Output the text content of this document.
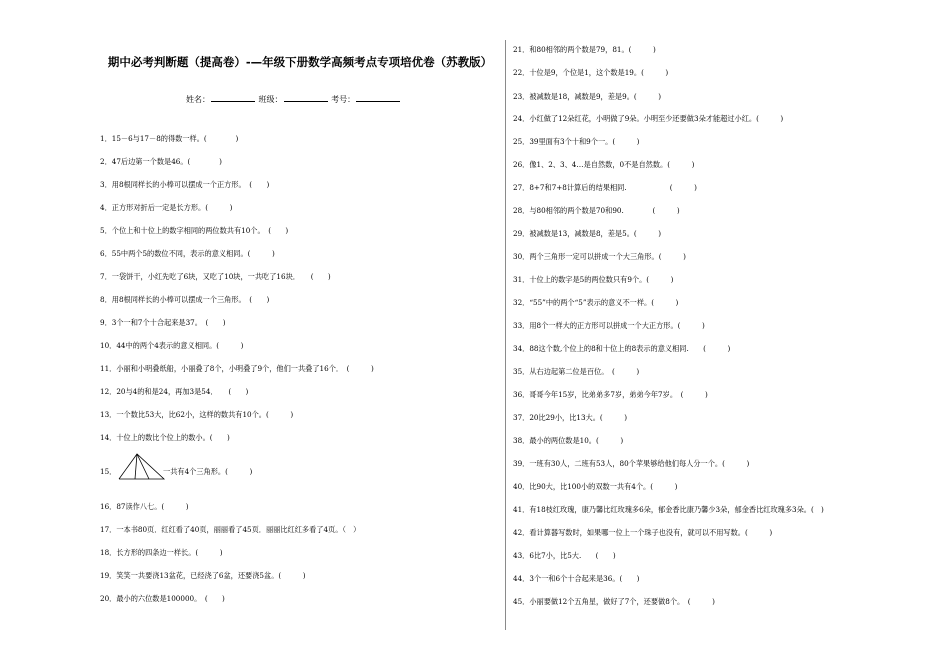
期中必考判断题（提高卷）-—年级下册数学高频考点专项培优卷（苏教版）
姓名：	班级：	考号：
1．15－6与17－8的得数一样。(　　　　)
2．47后边第一个数是46。(　　　　)
3．用8根同样长的小棒可以摆成一个正方形。　(　　)
4．正方形对折后一定是长方形。(　　　)
5．个位上和十位上的数字相同的两位数共有10个。　(　　)
6．55中两个5的数位不同，表示的意义相同。(　　　)
7．一袋饼干，小红先吃了6块，又吃了10块，一共吃了16块．　　(　　)
8．用8根同样长的小棒可以摆成一个三角形。　(　　)
9．3个一和7个十合起来是37。　(　　)
10．44中的两个4表示的意义相同。(　　　)
11．小丽和小明叠纸船，小丽叠了8个，小明叠了9个，他们一共叠了16个．　(　　　)
12．20与4的和是24，再加3是54．　　(　　)
13．一个数比53大，比62小，这样的数共有10个。(　　　)
14．十位上的数比个位上的数小。(　　)
15．	一共有4个三角形。(　　　)
16．87读作八七。(　　　)
17．一本书80页．红红看了40页，丽丽看了45页．丽丽比红红多看了4页。（　）
18．长方形的四条边一样长。(　　　)
19．笑笑一共要浇13盆花，已经浇了6盆，还要浇5盆。(　　　)
20．最小的六位数是100000。　(　　)
21．和80相邻的两个数是79，81。(　　　)
22．十位是9，个位是1，这个数是19。(　　　)
23．被减数是18，减数是9，差是9。(　　　)
24．小红做了12朵红花，小明做了9朵。小明至少还要做3朵才能超过小红。(　　　)
25．39里面有3个十和9个一。(　　　)
26．像1、2、3、4…是自然数，0不是自然数。(　　　)
27．8+7和7+8计算后的结果相同.　　　　　　(　　　)
28．与80相邻的两个数是70和90.　　　　(　　　)
29．被减数是13，减数是8，差是5。(　　　)
30．两个三角形一定可以拼成一个大三角形。(　　　)
31．十位上的数字是5的两位数只有9个。(　　　)
32．“55”中的两个“5”表示的意义不一样。(　　　)
33．用8个一样大的正方形可以拼成一个大正方形。(　　　)
34．88这个数,个位上的8和十位上的8表示的意义相同.　　(　　　)
35．从右边起第二位是百位。　(　　　)
36．哥哥今年15岁，比弟弟多7岁，弟弟今年7岁。　(　　　)
37．20比29小，比13大。(　　　)
38．最小的两位数是10。(　　　)
39．一班有30人，二班有53人，80个苹果够给他们每人分一个。(　　　)
40．比90大，比100小的双数一共有4个。(　　　)
41．有18枝红玫瑰，康乃馨比红玫瑰多6朵，郁金香比康乃馨少3朵，郁金香比红玫瑰多3朵。(　)
42．看计算器写数时，如果哪一位上一个珠子也没有，就可以不用写数。(　　　)
43．6比7小，比5大.　　(　　)
44．3个一和6个十合起来是36。(　　)
45．小丽要做12个五角星，做好了7个，还要做8个。　(　　　)
